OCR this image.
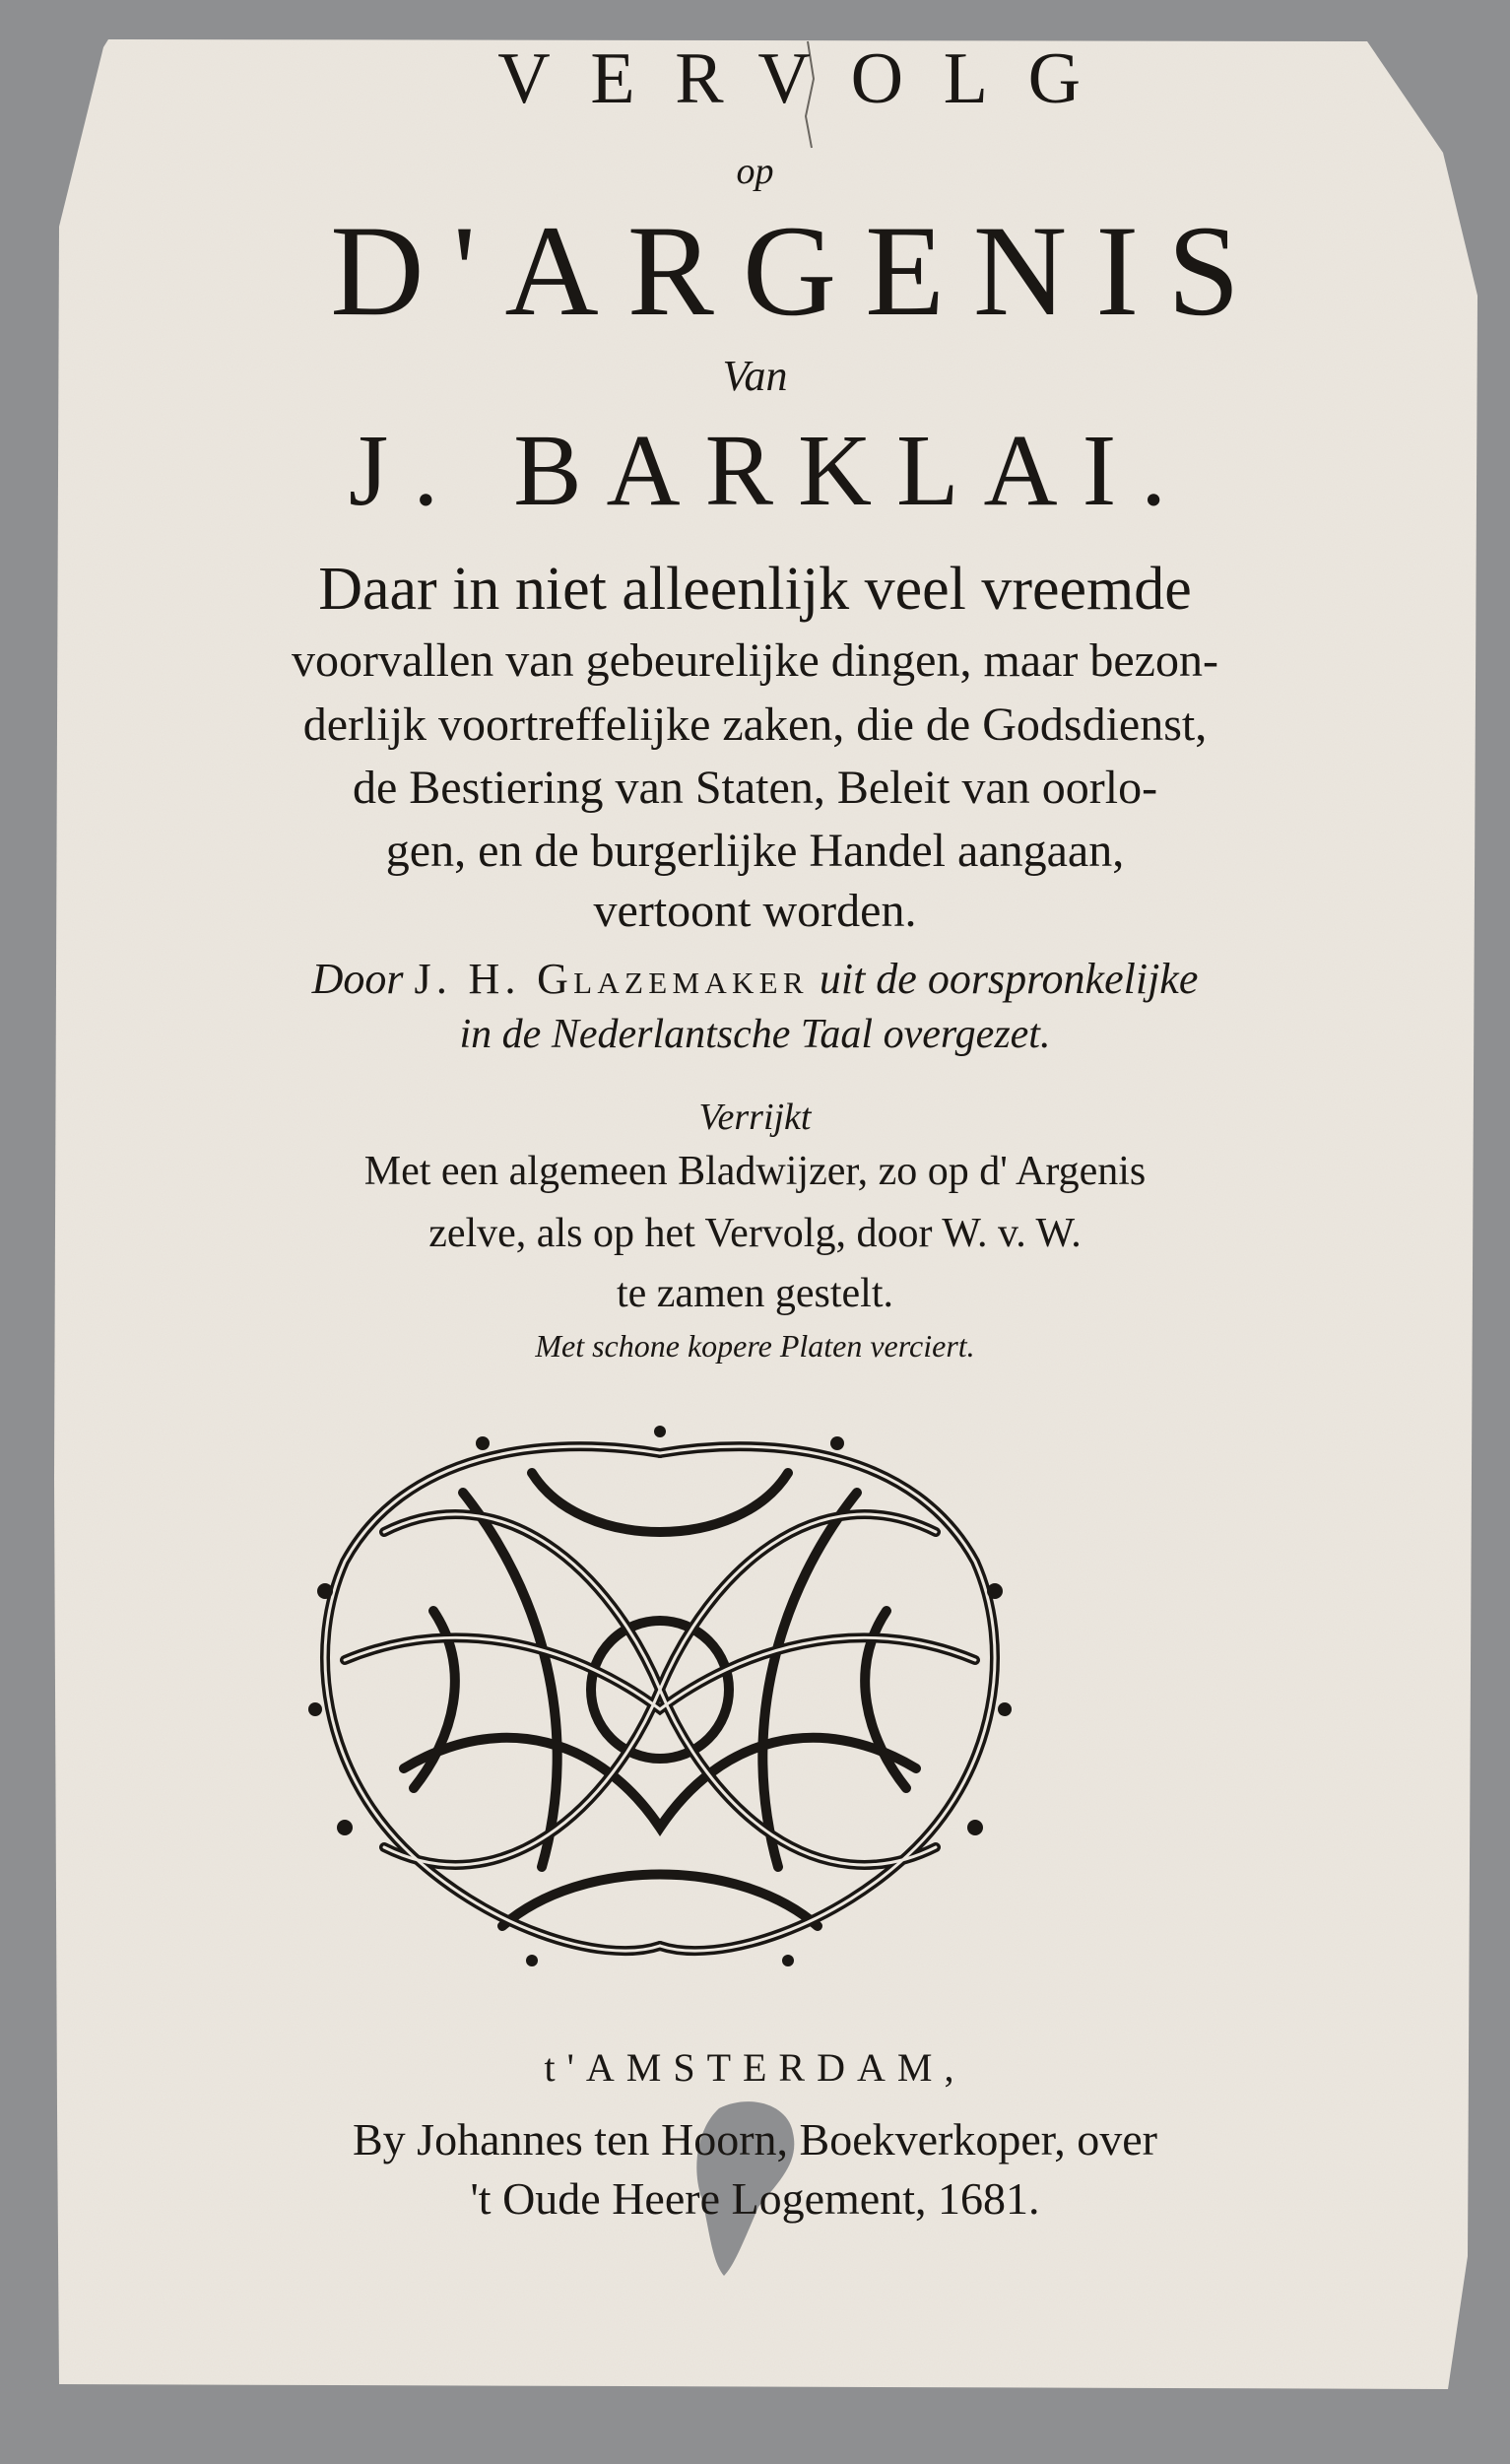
VERVOLG
op
D'ARGENIS
Van
J. BARKLAI.
Daar in niet alleenlijk veel vreemde
voorvallen van gebeurelijke dingen, maar bezon-
derlijk voortreffelijke zaken, die de Godsdienst,
de Bestiering van Staten, Beleit van oorlo-
gen, en de burgerlijke Handel aangaan,
vertoont worden.
Door J. H. Glazemaker uit de oorspronkelijke
in de Nederlantsche Taal overgezet.
Verrijkt
Met een algemeen Bladwijzer, zo op d' Argenis
zelve, als op het Vervolg, door W. v. W.
te zamen gestelt.
Met schone kopere Platen verciert.
t'AMSTERDAM,
By Johannes ten Hoorn, Boekverkoper, over
't Oude Heere Logement, 1681.
